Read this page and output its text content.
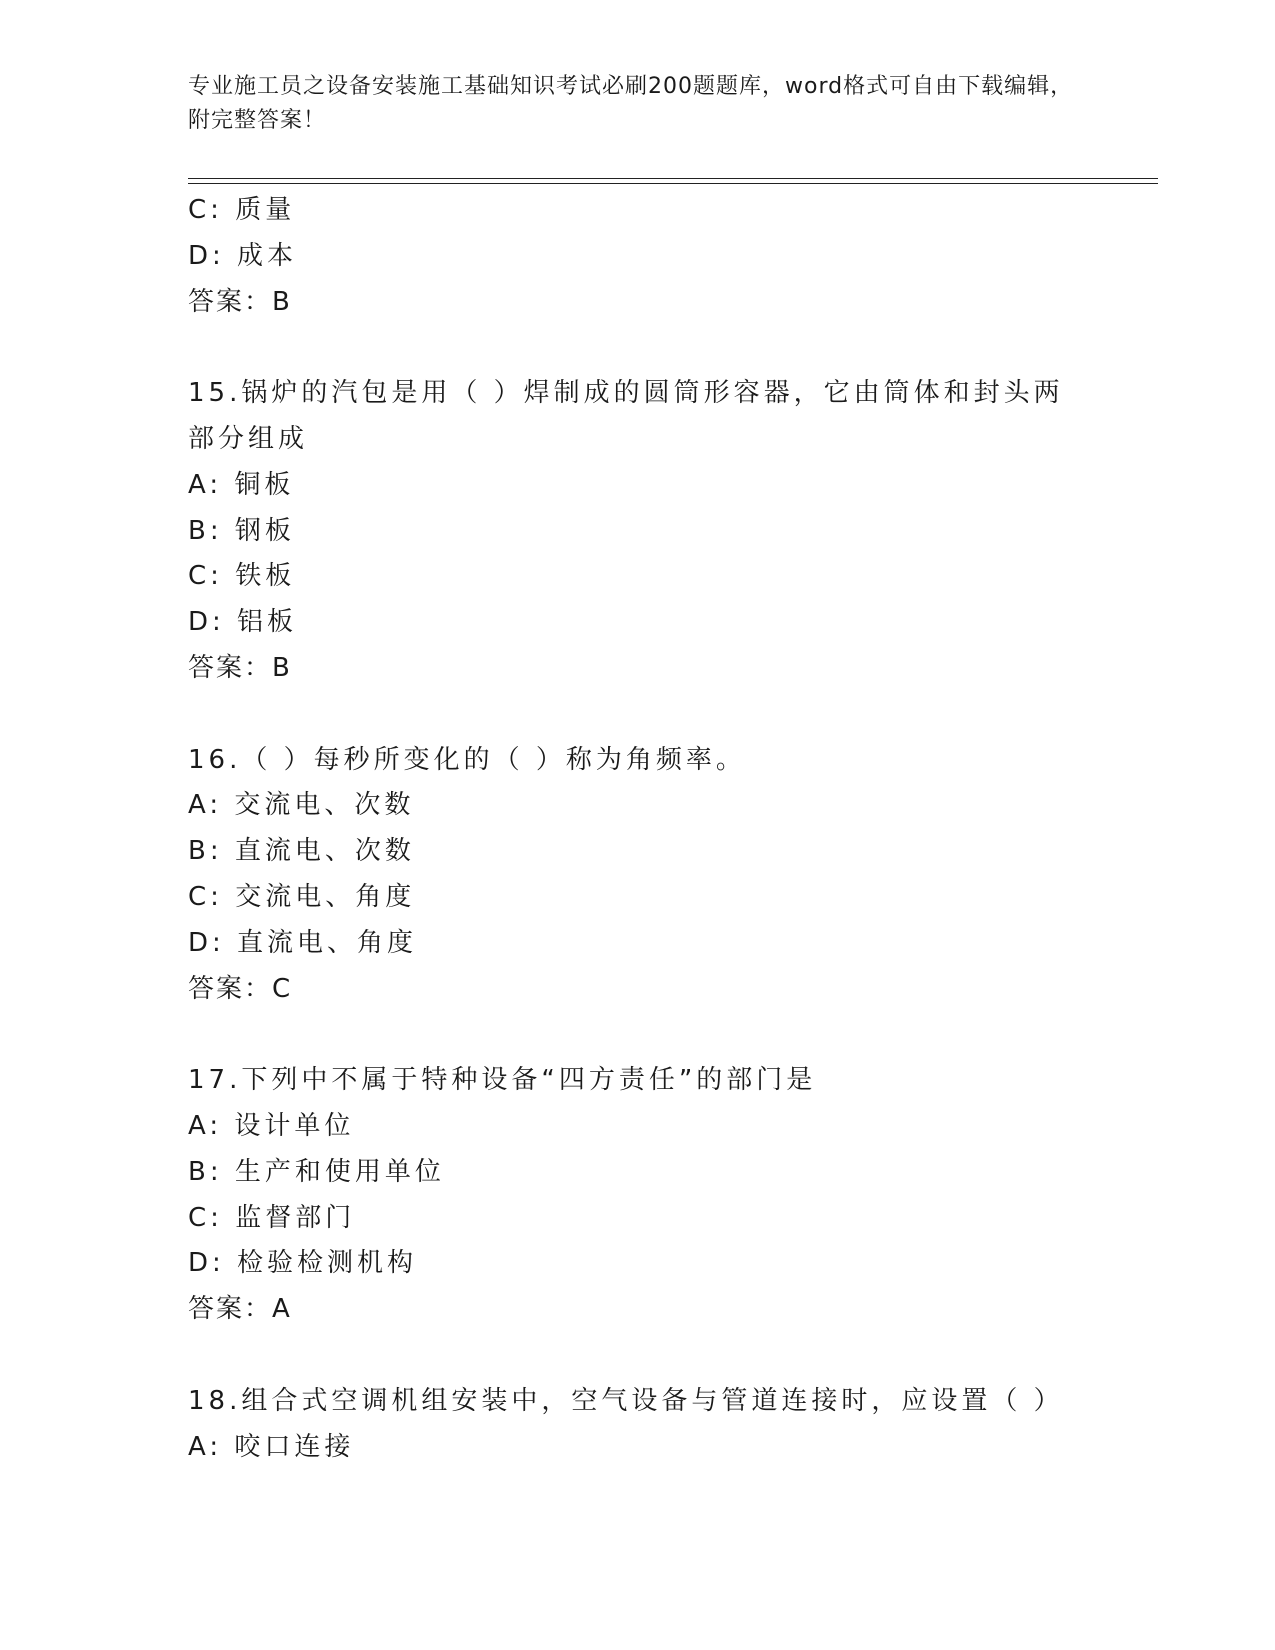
专业施工员之设备安装施工基础知识考试必刷200题题库，word格式可自由下载编辑，附完整答案！
C: 质量
D: 成本
答案：B
15.锅炉的汽包是用（ ）焊制成的圆筒形容器，它由筒体和封头两部分组成
A: 铜板
B: 钢板
C: 铁板
D: 铝板
答案：B
16.（ ）每秒所变化的（ ）称为角频率。
A: 交流电、次数
B: 直流电、次数
C: 交流电、角度
D: 直流电、角度
答案：C
17.下列中不属于特种设备“四方责任”的部门是
A: 设计单位
B: 生产和使用单位
C: 监督部门
D: 检验检测机构
答案：A
18.组合式空调机组安装中，空气设备与管道连接时，应设置（ ）
A: 咬口连接
